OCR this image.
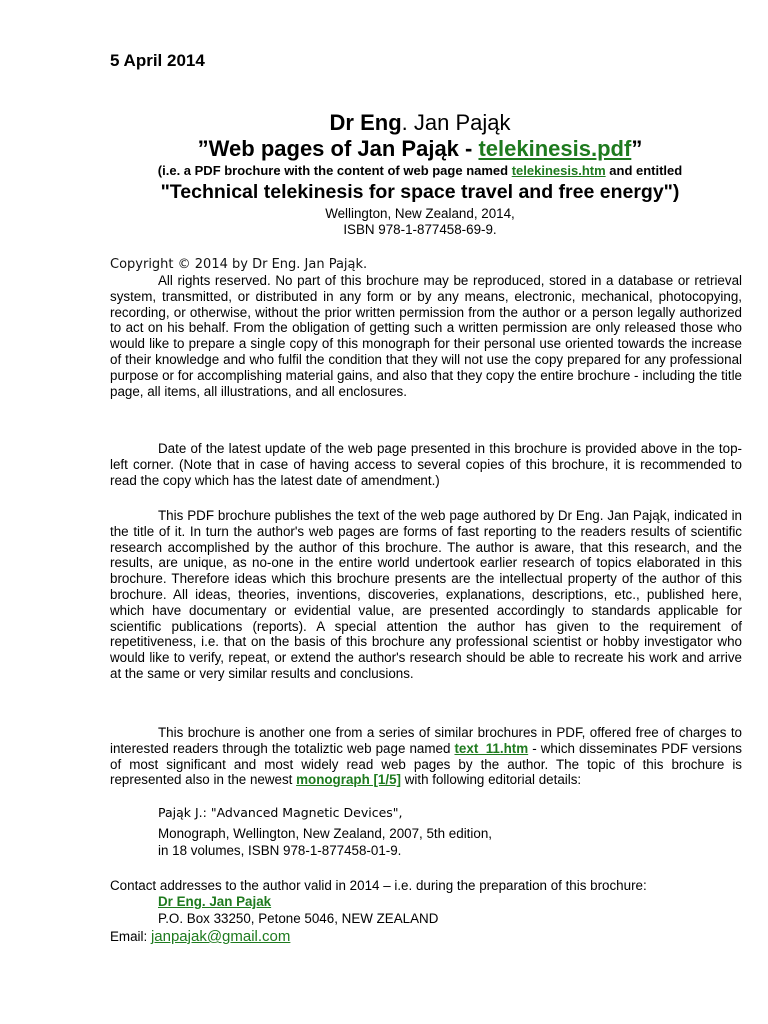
5 April 2014
Dr Eng. Jan Pająk
”Web pages of Jan Pająk - telekinesis.pdf”
(i.e. a PDF brochure with the content of web page named telekinesis.htm and entitled
"Technical telekinesis for space travel and free energy")
Wellington, New Zealand, 2014,
ISBN 978-1-877458-69-9.
Copyright © 2014 by Dr Eng. Jan Pająk.
All rights reserved. No part of this brochure may be reproduced, stored in a database or retrieval system, transmitted, or distributed in any form or by any means, electronic, mechanical, photocopying, recording, or otherwise, without the prior written permission from the author or a person legally authorized to act on his behalf. From the obligation of getting such a written permission are only released those who would like to prepare a single copy of this monograph for their personal use oriented towards the increase of their knowledge and who fulfil the condition that they will not use the copy prepared for any professional purpose or for accomplishing material gains, and also that they copy the entire brochure - including the title page, all items, all illustrations, and all enclosures.
Date of the latest update of the web page presented in this brochure is provided above in the top-left corner. (Note that in case of having access to several copies of this brochure, it is recommended to read the copy which has the latest date of amendment.)
This PDF brochure publishes the text of the web page authored by Dr Eng. Jan Pająk, indicated in the title of it. In turn the author's web pages are forms of fast reporting to the readers results of scientific research accomplished by the author of this brochure. The author is aware, that this research, and the results, are unique, as no-one in the entire world undertook earlier research of topics elaborated in this brochure. Therefore ideas which this brochure presents are the intellectual property of the author of this brochure. All ideas, theories, inventions, discoveries, explanations, descriptions, etc., published here, which have documentary or evidential value, are presented accordingly to standards applicable for scientific publications (reports). A special attention the author has given to the requirement of repetitiveness, i.e. that on the basis of this brochure any professional scientist or hobby investigator who would like to verify, repeat, or extend the author's research should be able to recreate his work and arrive at the same or very similar results and conclusions.
This brochure is another one from a series of similar brochures in PDF, offered free of charges to interested readers through the totaliztic web page named text_11.htm - which disseminates PDF versions of most significant and most widely read web pages by the author. The topic of this brochure is represented also in the newest monograph [1/5] with following editorial details:
Pająk J.: "Advanced Magnetic Devices",
Monograph, Wellington, New Zealand, 2007, 5th edition,
in 18 volumes, ISBN 978-1-877458-01-9.
Contact addresses to the author valid in 2014 – i.e. during the preparation of this brochure:
Dr Eng. Jan Pajak
P.O. Box 33250, Petone 5046, NEW ZEALAND
Email: janpajak@gmail.com
